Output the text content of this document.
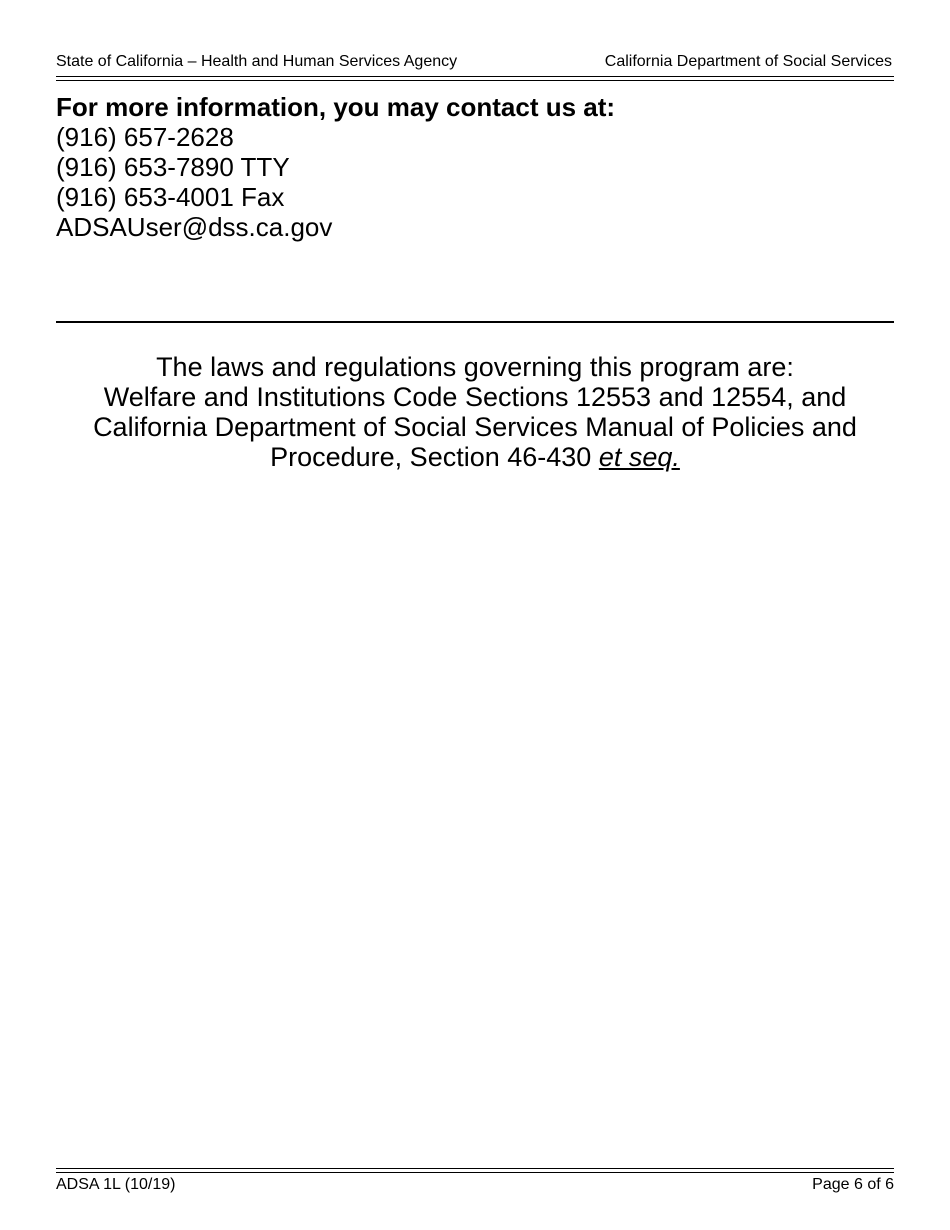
State of California – Health and Human Services Agency	California Department of Social Services
For more information, you may contact us at:
(916) 657-2628
(916) 653-7890 TTY
(916) 653-4001 Fax
ADSAUser@dss.ca.gov
The laws and regulations governing this program are:
Welfare and Institutions Code Sections 12553 and 12554, and
California Department of Social Services Manual of Policies and
Procedure, Section 46-430 et seq.
ADSA 1L (10/19)	Page 6 of 6
